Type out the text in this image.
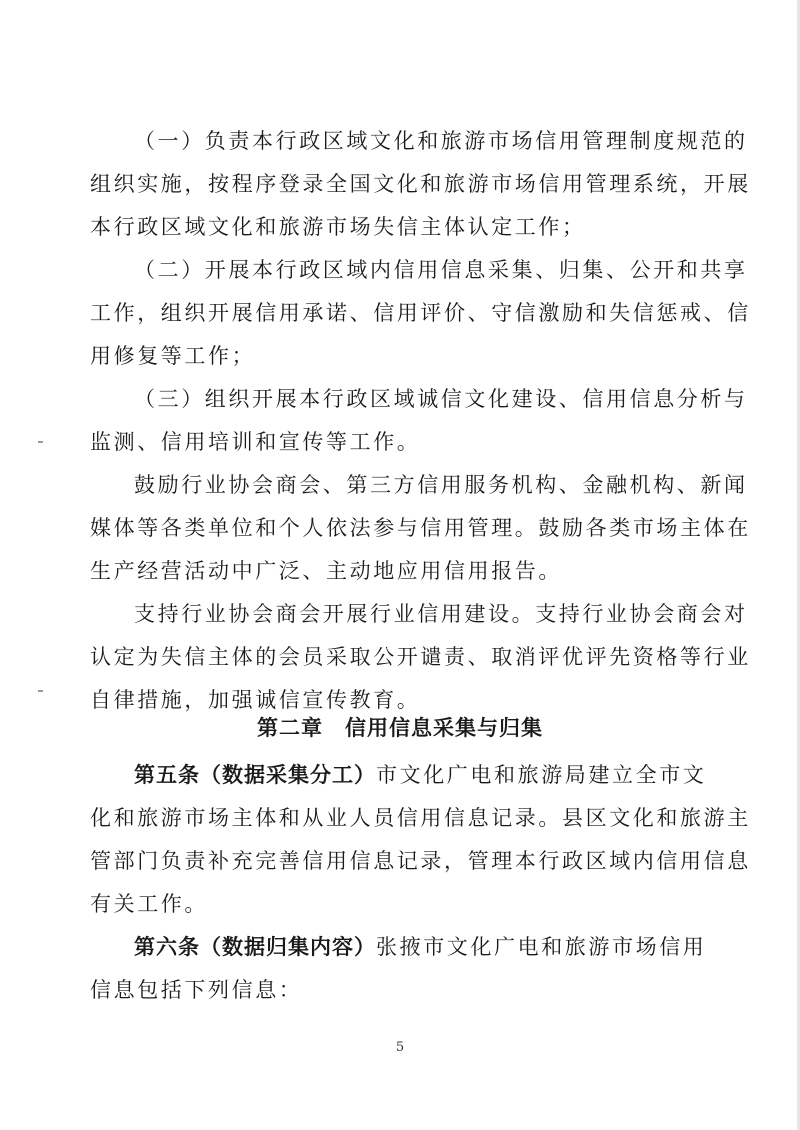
（一）负责本行政区域文化和旅游市场信用管理制度规范的
组织实施，按程序登录全国文化和旅游市场信用管理系统，开展
本行政区域文化和旅游市场失信主体认定工作；
（二）开展本行政区域内信用信息采集、归集、公开和共享
工作，组织开展信用承诺、信用评价、守信激励和失信惩戒、信
用修复等工作；
（三）组织开展本行政区域诚信文化建设、信用信息分析与
监测、信用培训和宣传等工作。
鼓励行业协会商会、第三方信用服务机构、金融机构、新闻
媒体等各类单位和个人依法参与信用管理。鼓励各类市场主体在
生产经营活动中广泛、主动地应用信用报告。
支持行业协会商会开展行业信用建设。支持行业协会商会对
认定为失信主体的会员采取公开谴责、取消评优评先资格等行业
自律措施，加强诚信宣传教育。
第二章　信用信息采集与归集
第五条（数据采集分工）市文化广电和旅游局建立全市文
化和旅游市场主体和从业人员信用信息记录。县区文化和旅游主
管部门负责补充完善信用信息记录，管理本行政区域内信用信息
有关工作。
第六条（数据归集内容）张掖市文化广电和旅游市场信用
信息包括下列信息：
5
